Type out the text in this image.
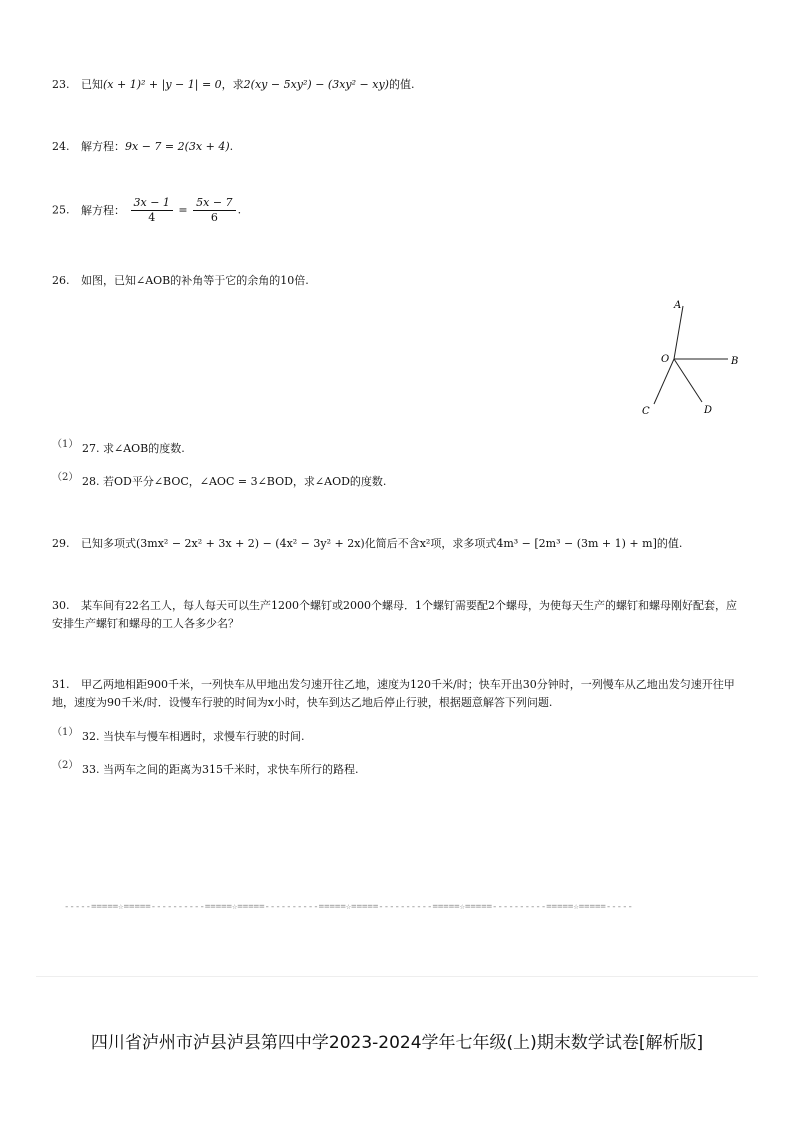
23. 已知(x + 1)² + |y − 1| = 0，求2(xy − 5xy²) − (3xy² − xy)的值.
24. 解方程：9x − 7 = 2(3x + 4).
25. 解方程： $\frac{3x - 1}{4} = \frac{5x - 7}{6}$ .
26. 如图，已知∠AOB的补角等于它的余角的10倍.
A
O	B
C	D
（1） 27. 求∠AOB的度数.
（2） 28. 若OD平分∠BOC，∠AOC = 3∠BOD，求∠AOD的度数.
29. 已知多项式(3mx² − 2x² + 3x + 2) − (4x² − 3y² + 2x)化简后不含x²项，求多项式4m³ − [2m³ − (3m + 1) + m]的值.
30. 某车间有22名工人，每人每天可以生产1200个螺钉或2000个螺母．1个螺钉需要配2个螺母，为使每天生产的螺钉和螺母刚好配套，应安排生产螺钉和螺母的工人各多少名？
31. 甲乙两地相距900千米，一列快车从甲地出发匀速开往乙地，速度为120千米/时；快车开出30分钟时，一列慢车从乙地出发匀速开往甲地，速度为90千米/时．设慢车行驶的时间为x小时，快车到达乙地后停止行驶，根据题意解答下列问题.
（1） 32. 当快车与慢车相遇时，求慢车行驶的时间.
（2） 33. 当两车之间的距离为315千米时，求快车所行的路程.
-----=====☆=====----------=====☆=====----------=====☆=====----------=====☆=====----------=====☆=====-----
四川省泸州市泸县泸县第四中学2023-2024学年七年级(上)期末数学试卷[解析版]
